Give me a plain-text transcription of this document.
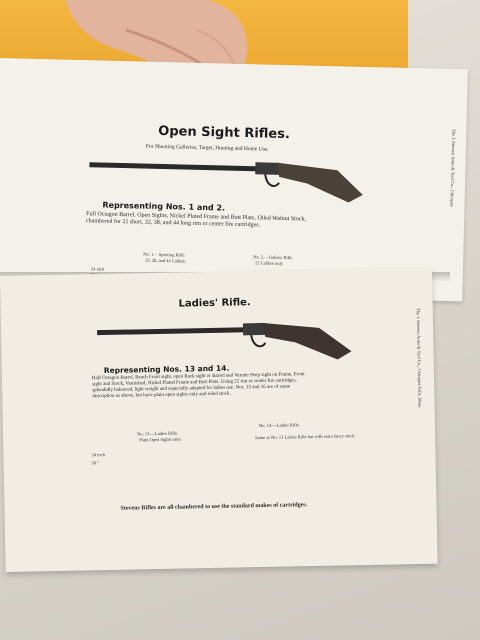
Open Sight Rifles.
For Shooting Galleries, Target, Hunting and Home Use.
Representing Nos. 1 and 2.
Full Octagon Barrel, Open Sights, Nickel Plated Frame and Butt Plate, Oiled Walnut Stock, chambered for 21 short, 32, 38, and 44 long rim or center fire cartridges.
No. 1.—Sporting Rifle
32, 38, and 44 Calibre.
No. 2.—Gallery Rifle
22 Calibre only
24 inch
The J. Stevens Arms & Tool Co., Chicopee
Ladies' Rifle.
Representing Nos. 13 and 14.
Half Octagon Barrel, Beach Front sight, open Rack sight or Barrel and Vernier Peep sight on Frame, Front sight and Stock, Varnished, Nickel Plated Frame and Butt Plate. Using 22 rim or center fire cartridges, splendidly balanced, light weight and especially adapted for ladies use. Nos. 15 and 16 are of same description as above, but have plain open sights only and oiled stock.
No. 13.—Ladies Rifle.
Plain Open Sights only.
No. 14.—Ladies Rifle.
Same as No. 13 Ladies Rifle but with extra fancy stock.
24 inch
26 “
Stevens Rifles are all chambered to use the standard makes of cartridges.
The J. Stevens Arms & Tool Co., Chicopee Falls, Mass.
